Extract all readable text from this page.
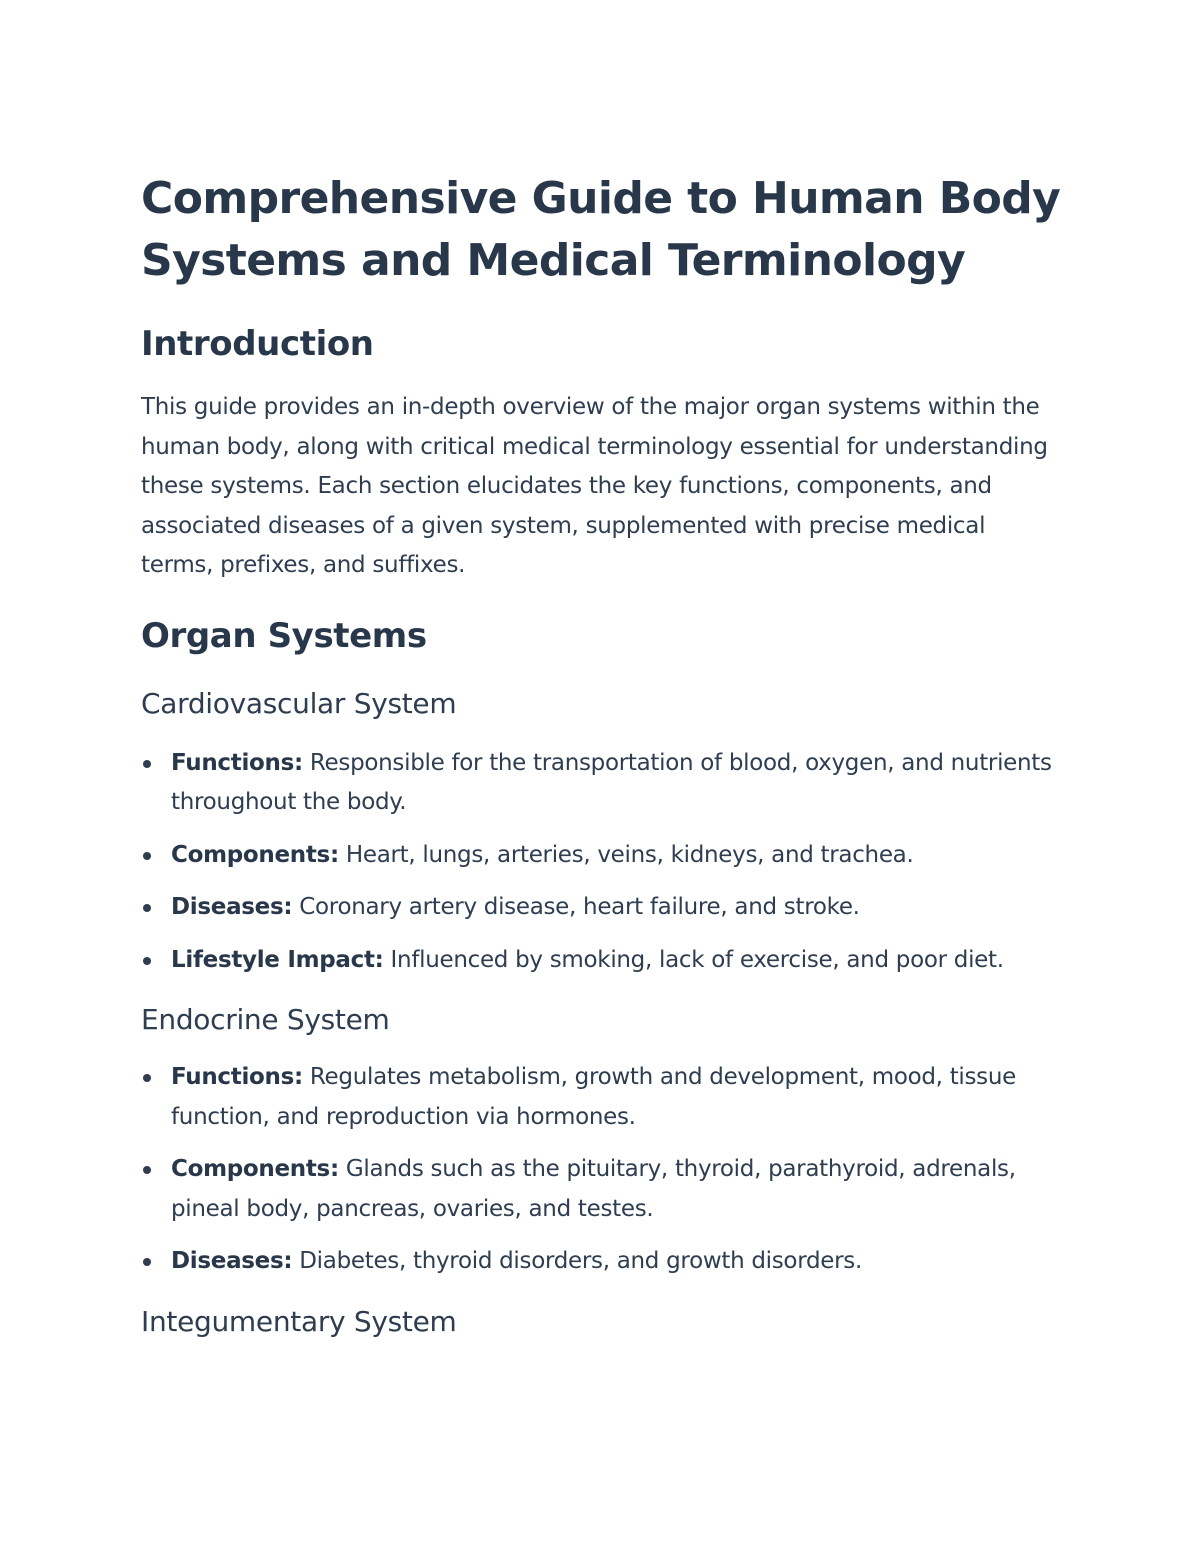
Comprehensive Guide to Human Body Systems and Medical Terminology
Introduction

This guide provides an in-depth overview of the major organ systems within the human body, along with critical medical terminology essential for understanding these systems. Each section elucidates the key functions, components, and associated diseases of a given system, supplemented with precise medical terms, prefixes, and suffixes.

Organ Systems
Cardiovascular System
Functions: Responsible for the transportation of blood, oxygen, and nutrients throughout the body.
Components: Heart, lungs, arteries, veins, kidneys, and trachea.
Diseases: Coronary artery disease, heart failure, and stroke.
Lifestyle Impact: Influenced by smoking, lack of exercise, and poor diet.
Endocrine System
Functions: Regulates metabolism, growth and development, mood, tissue function, and reproduction via hormones.
Components: Glands such as the pituitary, thyroid, parathyroid, adrenals, pineal body, pancreas, ovaries, and testes.
Diseases: Diabetes, thyroid disorders, and growth disorders.
Integumentary System
